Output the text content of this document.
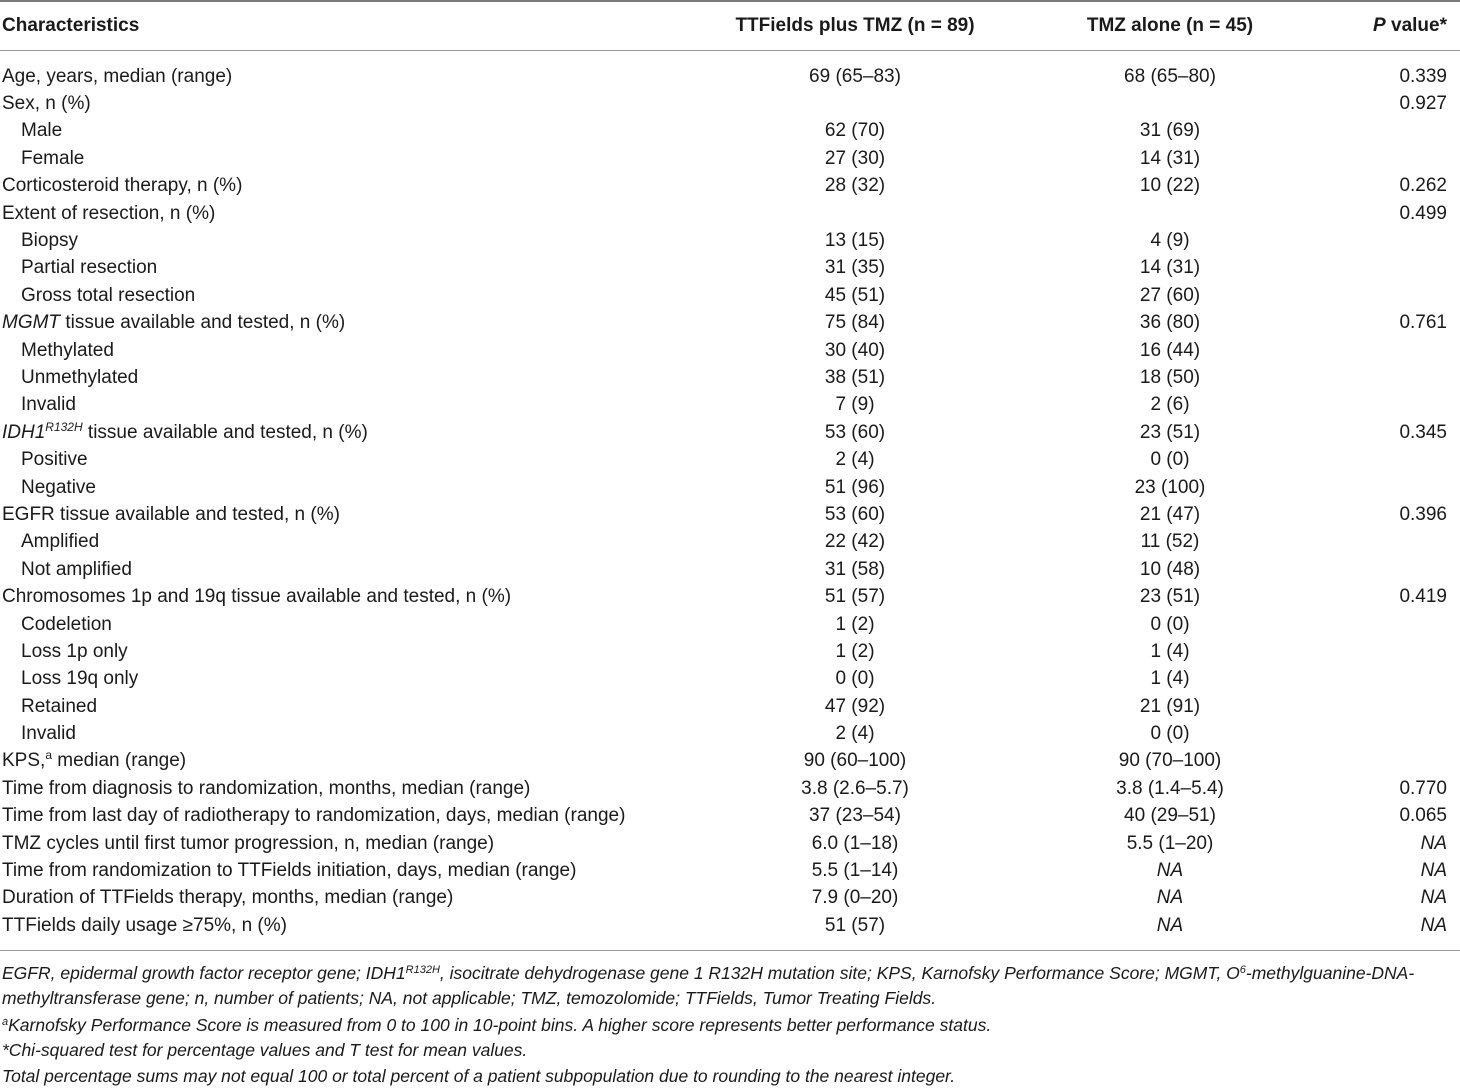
Characteristics	TTFields plus TMZ (n = 89)	TMZ alone (n = 45)	P value*
Age, years, median (range)	69 (65–83)	68 (65–80)	0.339
Sex, n (%)			0.927
Male	62 (70)	31 (69)	
Female	27 (30)	14 (31)	
Corticosteroid therapy, n (%)	28 (32)	10 (22)	0.262
Extent of resection, n (%)			0.499
Biopsy	13 (15)	4 (9)	
Partial resection	31 (35)	14 (31)	
Gross total resection	45 (51)	27 (60)	
MGMT tissue available and tested, n (%)	75 (84)	36 (80)	0.761
Methylated	30 (40)	16 (44)	
Unmethylated	38 (51)	18 (50)	
Invalid	7 (9)	2 (6)	
$IDH1^{R132H}$ tissue available and tested, n (%)	53 (60)	23 (51)	0.345
Positive	2 (4)	0 (0)	
Negative	51 (96)	23 (100)	
EGFR tissue available and tested, n (%)	53 (60)	21 (47)	0.396
Amplified	22 (42)	11 (52)	
Not amplified	31 (58)	10 (48)	
Chromosomes 1p and 19q tissue available and tested, n (%)	51 (57)	23 (51)	0.419
Codeletion	1 (2)	0 (0)	
Loss 1p only	1 (2)	1 (4)	
Loss 19q only	0 (0)	1 (4)	
Retained	47 (92)	21 (91)	
Invalid	2 (4)	0 (0)	
KPS,$^a$ median (range)	90 (60–100)	90 (70–100)	
Time from diagnosis to randomization, months, median (range)	3.8 (2.6–5.7)	3.8 (1.4–5.4)	0.770
Time from last day of radiotherapy to randomization, days, median (range)	37 (23–54)	40 (29–51)	0.065
TMZ cycles until first tumor progression, n, median (range)	6.0 (1–18)	5.5 (1–20)	NA
Time from randomization to TTFields initiation, days, median (range)	5.5 (1–14)	NA	NA
Duration of TTFields therapy, months, median (range)	7.9 (0–20)	NA	NA
TTFields daily usage ≥75%, n (%)	51 (57)	NA	NA

EGFR, epidermal growth factor receptor gene; $IDH1^{R132H}$, isocitrate dehydrogenase gene 1 R132H mutation site; KPS, Karnofsky Performance Score; MGMT, $O^6-methylguanine-DNA$-methyltransferase gene; n, number of patients; NA, not applicable; TMZ, temozolomide; TTFields, Tumor Treating Fields.

$^a$Karnofsky Performance Score is measured from 0 to 100 in 10-point bins. A higher score represents better performance status.

*Chi-squared test for percentage values and T test for mean values.

Total percentage sums may not equal 100 or total percent of a patient subpopulation due to rounding to the nearest integer.
